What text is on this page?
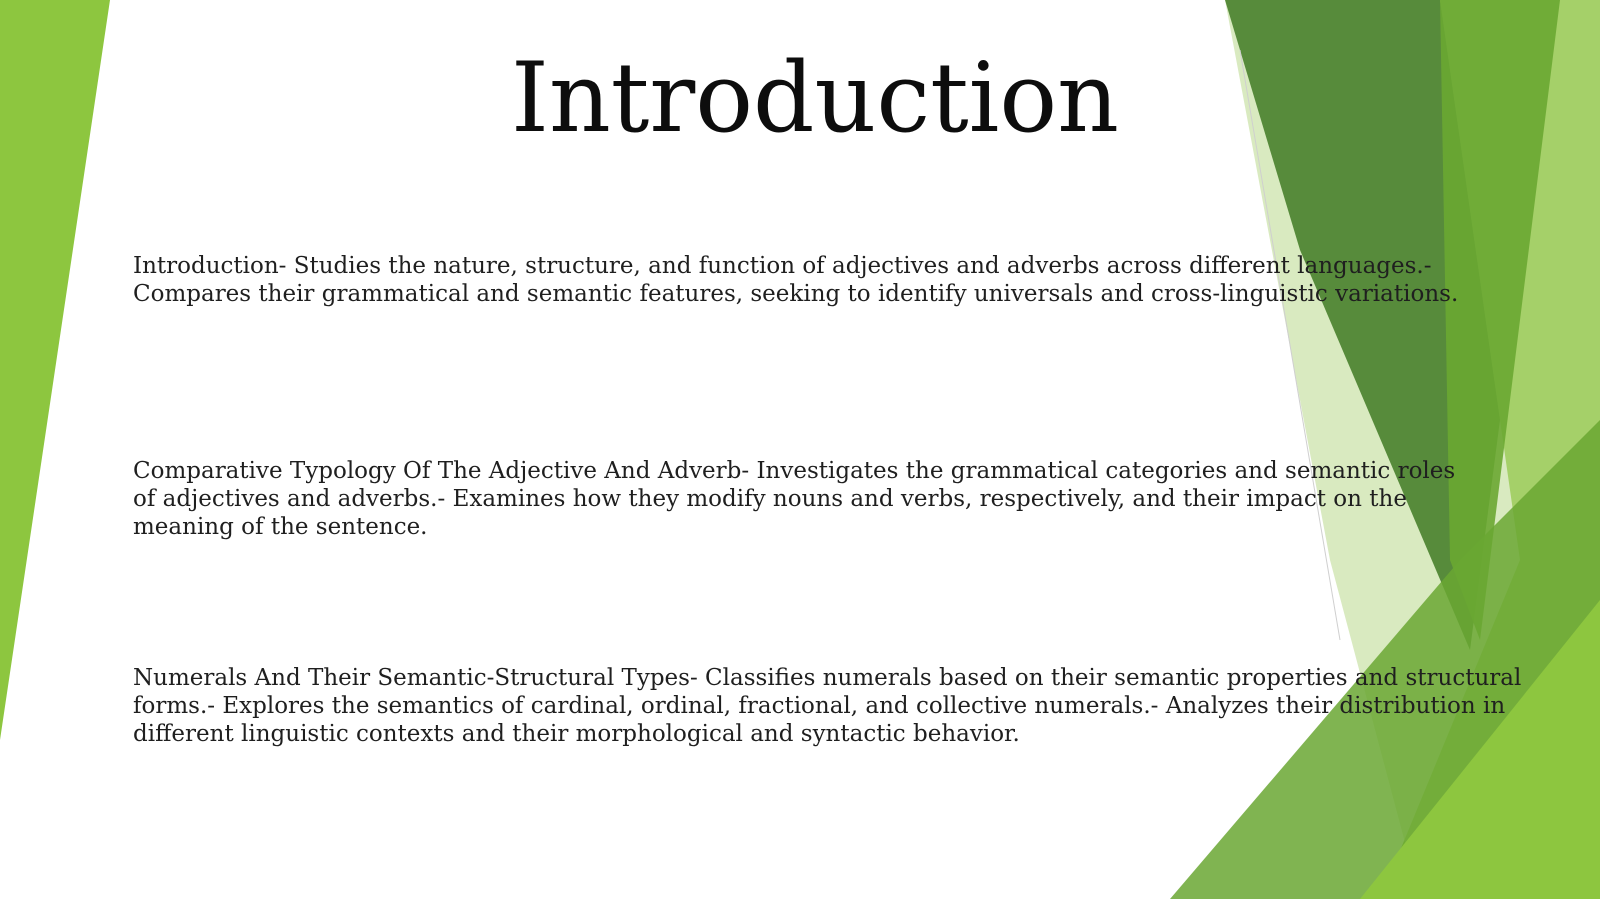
Introduction

Introduction- Studies the nature, structure, and function of adjectives and adverbs across different languages.- Compares their grammatical and semantic features, seeking to identify universals and cross-linguistic variations.

Comparative Typology Of The Adjective And Adverb- Investigates the grammatical categories and semantic roles of adjectives and adverbs.- Examines how they modify nouns and verbs, respectively, and their impact on the meaning of the sentence.

Numerals And Their Semantic-Structural Types- Classifies numerals based on their semantic properties and structural forms.- Explores the semantics of cardinal, ordinal, fractional, and collective numerals.- Analyzes their distribution in different linguistic contexts and their morphological and syntactic behavior.
